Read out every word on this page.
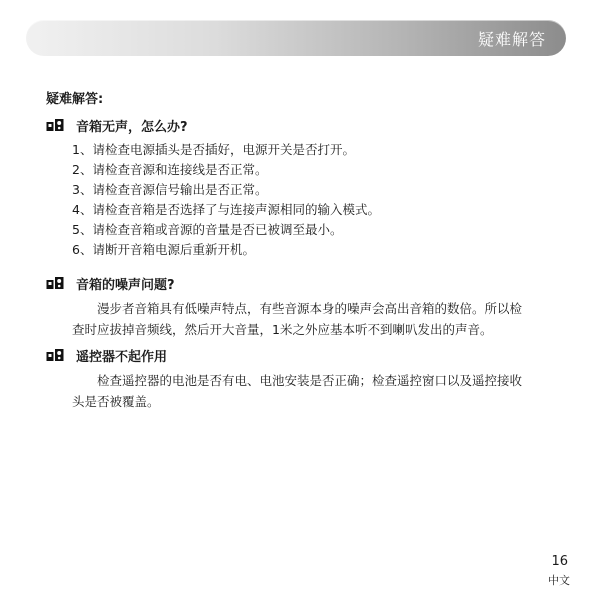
疑难解答
疑难解答:
音箱无声，怎么办?
1、请检查电源插头是否插好，电源开关是否打开。
2、请检查音源和连接线是否正常。
3、请检查音源信号输出是否正常。
4、请检查音箱是否选择了与连接声源相同的输入模式。
5、请检查音箱或音源的音量是否已被调至最小。
6、请断开音箱电源后重新开机。
音箱的噪声问题?
漫步者音箱具有低噪声特点，有些音源本身的噪声会高出音箱的数倍。所以检
查时应拔掉音频线，然后开大音量，1米之外应基本听不到喇叭发出的声音。
遥控器不起作用
检查遥控器的电池是否有电、电池安装是否正确；检查遥控窗口以及遥控接收
头是否被覆盖。
16
中文
